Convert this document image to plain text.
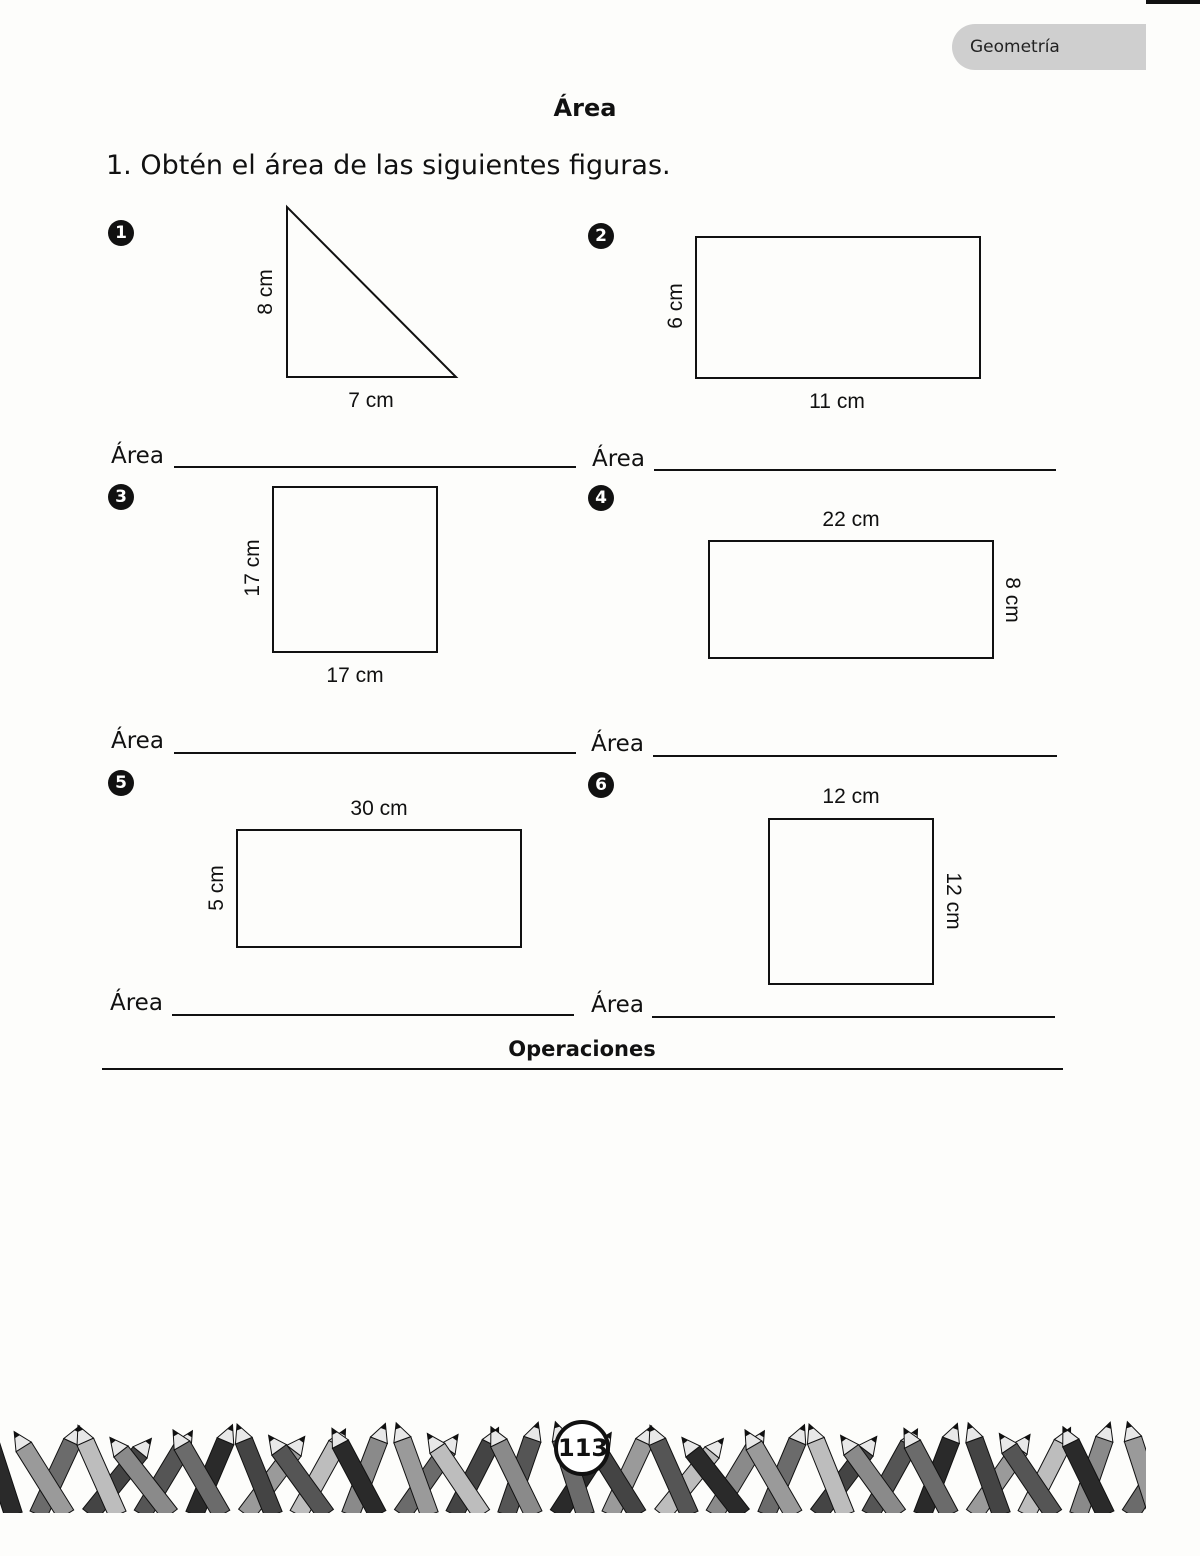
Geometría
Área
1. Obtén el área de las siguientes figuras.
1
8 cm
7 cm
2
6 cm
11 cm
Área	Área
3
17 cm
17 cm
4
22 cm
8 cm
Área	Área
5
30 cm
5 cm
6	12 cm
12 cm
Área	Área
Operaciones
113
